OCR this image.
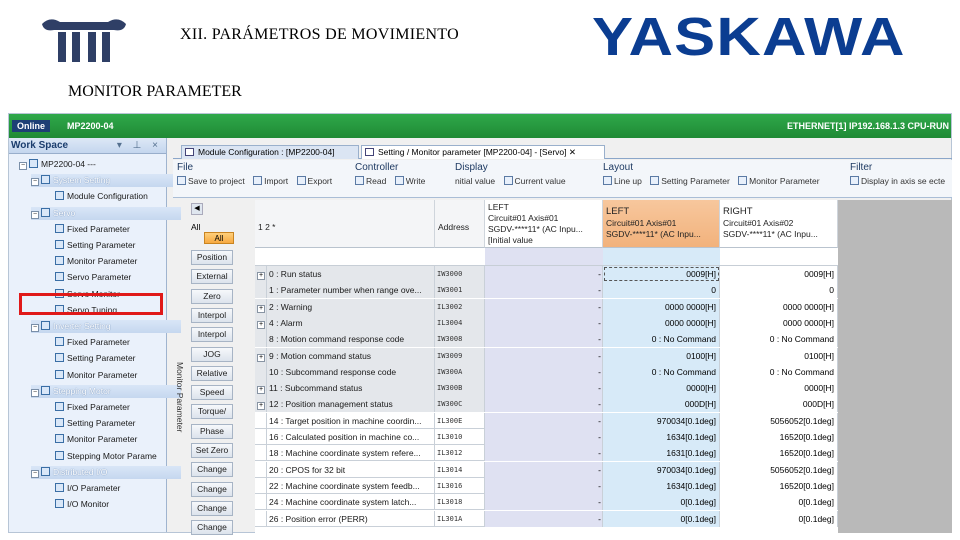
XII. PARÁMETROS DE MOVIMIENTO YASKAWA
MONITOR PARAMETER
Online	MP2200-04	ETHERNET[1] IP192.168.1.3 CPU-RUN
Work Space	▾ ⊥ ×
− MP2200-04 ---
− System Setting
Module Configuration
− Servo
Fixed Parameter
Setting Parameter
Monitor Parameter
Servo Parameter
Servo Monitor
Servo Tuning
− Inverter Setting
Fixed Parameter
Setting Parameter
Monitor Parameter
− Stepping Motor
Fixed Parameter
Setting Parameter
Monitor Parameter
Stepping Motor Parame
− Distributed I/O
I/O Parameter
I/O Monitor
Module Configuration : [MP2200-04]	Setting / Monitor parameter [MP2200-04] - [Servo] ✕
File
Save to project Import Export
Controller
Read Write
Display
nitial value Current value
Layout
Line up Setting Parameter Monitor Parameter
Filter
Display in axis se ecte
Monitor Parameter
◀
All
All
Position
External
Zero
Interpol
Interpol
JOG
Relative
Speed
Torque/
Phase
Set Zero
Change
Change
Change
Change
1 2 *	Address
LEFT
Circuit#01 Axis#01
SGDV-****11* (AC Inpu...
[Initial value
LEFT
Circuit#01 Axis#01
SGDV-****11* (AC Inpu...
RIGHT
Circuit#01 Axis#02
SGDV-****11* (AC Inpu...
+ 0 : Run status	IW3000	-	0009[H]	0009[H]
1 : Parameter number when range ove...	IW3001	-	0	0
+ 2 : Warning	IL3002	-	0000 0000[H]	0000 0000[H]
+ 4 : Alarm	IL3004	-	0000 0000[H]	0000 0000[H]
8 : Motion command response code	IW3008	-	0 : No Command	0 : No Command
+ 9 : Motion command status	IW3009	-	0100[H]	0100[H]
10 : Subcommand response code	IW300A	-	0 : No Command	0 : No Command
+ 11 : Subcommand status	IW300B	-	0000[H]	0000[H]
+ 12 : Position management status	IW300C	-	000D[H]	000D[H]
14 : Target position in machine coordin...	IL300E	-	970034[0.1deg]	5056052[0.1deg]
16 : Calculated position in machine co...	IL3010	-	1634[0.1deg]	16520[0.1deg]
18 : Machine coordinate system refere...	IL3012	-	1631[0.1deg]	16520[0.1deg]
20 : CPOS for 32 bit	IL3014	-	970034[0.1deg]	5056052[0.1deg]
22 : Machine coordinate system feedb...	IL3016	-	1634[0.1deg]	16520[0.1deg]
24 : Machine coordinate system latch...	IL3018	-	0[0.1deg]	0[0.1deg]
26 : Position error (PERR)	IL301A	-	0[0.1deg]	0[0.1deg]
